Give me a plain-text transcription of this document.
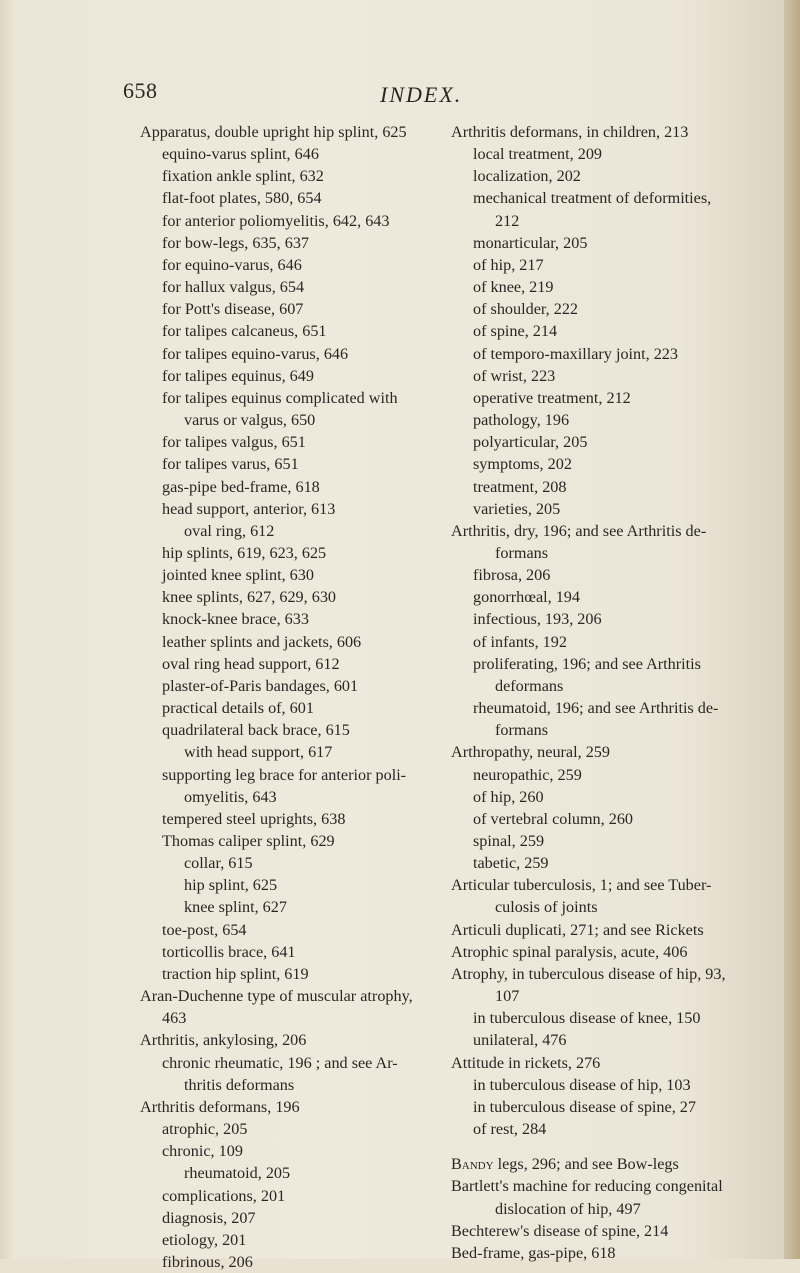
658	INDEX.
Apparatus, double upright hip splint, 625
equino-varus splint, 646
fixation ankle splint, 632
flat-foot plates, 580, 654
for anterior poliomyelitis, 642, 643
for bow-legs, 635, 637
for equino-varus, 646
for hallux valgus, 654
for Pott's disease, 607
for talipes calcaneus, 651
for talipes equino-varus, 646
for talipes equinus, 649
for talipes equinus complicated with
varus or valgus, 650
for talipes valgus, 651
for talipes varus, 651
gas-pipe bed-frame, 618
head support, anterior, 613
oval ring, 612
hip splints, 619, 623, 625
jointed knee splint, 630
knee splints, 627, 629, 630
knock-knee brace, 633
leather splints and jackets, 606
oval ring head support, 612
plaster-of-Paris bandages, 601
practical details of, 601
quadrilateral back brace, 615
with head support, 617
supporting leg brace for anterior poli-
omyelitis, 643
tempered steel uprights, 638
Thomas caliper splint, 629
collar, 615
hip splint, 625
knee splint, 627
toe-post, 654
torticollis brace, 641
traction hip splint, 619
Aran-Duchenne type of muscular atrophy,
463
Arthritis, ankylosing, 206
chronic rheumatic, 196 ; and see Ar-
thritis deformans
Arthritis deformans, 196
atrophic, 205
chronic, 109
rheumatoid, 205
complications, 201
diagnosis, 207
etiology, 201
fibrinous, 206
Arthritis deformans, in children, 213
local treatment, 209
localization, 202
mechanical treatment of deformities,
212
monarticular, 205
of hip, 217
of knee, 219
of shoulder, 222
of spine, 214
of temporo-maxillary joint, 223
of wrist, 223
operative treatment, 212
pathology, 196
polyarticular, 205
symptoms, 202
treatment, 208
varieties, 205
Arthritis, dry, 196; and see Arthritis de-
formans
fibrosa, 206
gonorrhœal, 194
infectious, 193, 206
of infants, 192
proliferating, 196; and see Arthritis
deformans
rheumatoid, 196; and see Arthritis de-
formans
Arthropathy, neural, 259
neuropathic, 259
of hip, 260
of vertebral column, 260
spinal, 259
tabetic, 259
Articular tuberculosis, 1; and see Tuber-
culosis of joints
Articuli duplicati, 271; and see Rickets
Atrophic spinal paralysis, acute, 406
Atrophy, in tuberculous disease of hip, 93,
107
in tuberculous disease of knee, 150
unilateral, 476
Attitude in rickets, 276
in tuberculous disease of hip, 103
in tuberculous disease of spine, 27
of rest, 284
Bandy legs, 296; and see Bow-legs
Bartlett's machine for reducing congenital
dislocation of hip, 497
Bechterew's disease of spine, 214
Bed-frame, gas-pipe, 618
